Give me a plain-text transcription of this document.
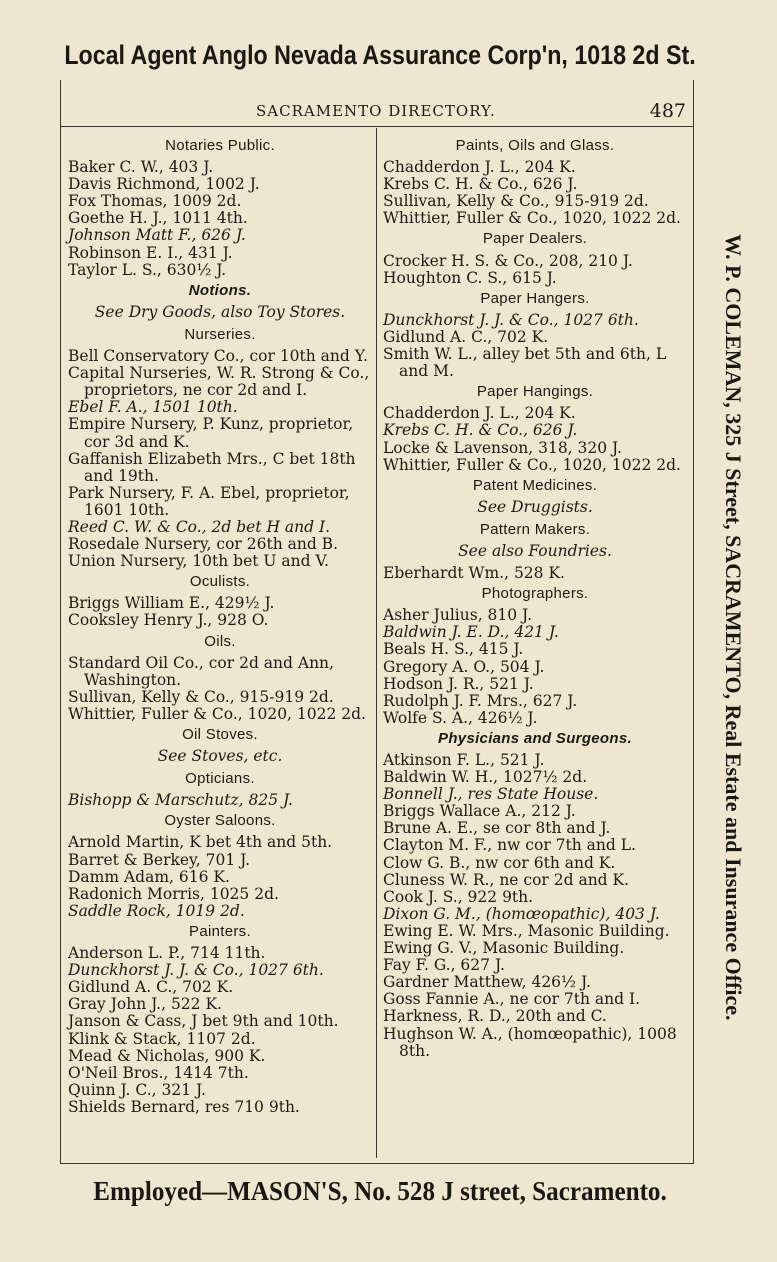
Local Agent Anglo Nevada Assurance Corp'n, 1018 2d St.
SACRAMENTO DIRECTORY.	487
Notaries Public.
Baker C. W., 403 J.
Davis Richmond, 1002 J.
Fox Thomas, 1009 2d.
Goethe H. J., 1011 4th.
Johnson Matt F., 626 J.
Robinson E. I., 431 J.
Taylor L. S., 630½ J.
Notions.
See Dry Goods, also Toy Stores.
Nurseries.
Bell Conservatory Co., cor 10th and Y.
Capital Nurseries, W. R. Strong & Co., proprietors, ne cor 2d and I.
Ebel F. A., 1501 10th.
Empire Nursery, P. Kunz, proprietor, cor 3d and K.
Gaffanish Elizabeth Mrs., C bet 18th and 19th.
Park Nursery, F. A. Ebel, proprietor, 1601 10th.
Reed C. W. & Co., 2d bet H and I.
Rosedale Nursery, cor 26th and B.
Union Nursery, 10th bet U and V.
Oculists.
Briggs William E., 429½ J.
Cooksley Henry J., 928 O.
Oils.
Standard Oil Co., cor 2d and Ann, Washington.
Sullivan, Kelly & Co., 915-919 2d.
Whittier, Fuller & Co., 1020, 1022 2d.
Oil Stoves.
See Stoves, etc.
Opticians.
Bishopp & Marschutz, 825 J.
Oyster Saloons.
Arnold Martin, K bet 4th and 5th.
Barret & Berkey, 701 J.
Damm Adam, 616 K.
Radonich Morris, 1025 2d.
Saddle Rock, 1019 2d.
Painters.
Anderson L. P., 714 11th.
Dunckhorst J. J. & Co., 1027 6th.
Gidlund A. C., 702 K.
Gray John J., 522 K.
Janson & Cass, J bet 9th and 10th.
Klink & Stack, 1107 2d.
Mead & Nicholas, 900 K.
O'Neil Bros., 1414 7th.
Quinn J. C., 321 J.
Shields Bernard, res 710 9th.
Paints, Oils and Glass.
Chadderdon J. L., 204 K.
Krebs C. H. & Co., 626 J.
Sullivan, Kelly & Co., 915-919 2d.
Whittier, Fuller & Co., 1020, 1022 2d.
Paper Dealers.
Crocker H. S. & Co., 208, 210 J.
Houghton C. S., 615 J.
Paper Hangers.
Dunckhorst J. J. & Co., 1027 6th.
Gidlund A. C., 702 K.
Smith W. L., alley bet 5th and 6th, L and M.
Paper Hangings.
Chadderdon J. L., 204 K.
Krebs C. H. & Co., 626 J.
Locke & Lavenson, 318, 320 J.
Whittier, Fuller & Co., 1020, 1022 2d.
Patent Medicines.
See Druggists.
Pattern Makers.
See also Foundries.
Eberhardt Wm., 528 K.
Photographers.
Asher Julius, 810 J.
Baldwin J. E. D., 421 J.
Beals H. S., 415 J.
Gregory A. O., 504 J.
Hodson J. R., 521 J.
Rudolph J. F. Mrs., 627 J.
Wolfe S. A., 426½ J.
Physicians and Surgeons.
Atkinson F. L., 521 J.
Baldwin W. H., 1027½ 2d.
Bonnell J., res State House.
Briggs Wallace A., 212 J.
Brune A. E., se cor 8th and J.
Clayton M. F., nw cor 7th and L.
Clow G. B., nw cor 6th and K.
Cluness W. R., ne cor 2d and K.
Cook J. S., 922 9th.
Dixon G. M., (homœopathic), 403 J.
Ewing E. W. Mrs., Masonic Building.
Ewing G. V., Masonic Building.
Fay F. G., 627 J.
Gardner Matthew, 426½ J.
Goss Fannie A., ne cor 7th and I.
Harkness, R. D., 20th and C.
Hughson W. A., (homœopathic), 1008 8th.
W. P. COLEMAN, 325 J Street, SACRAMENTO, Real Estate and Insurance Office.
Employed—MASON'S, No. 528 J street, Sacramento.
